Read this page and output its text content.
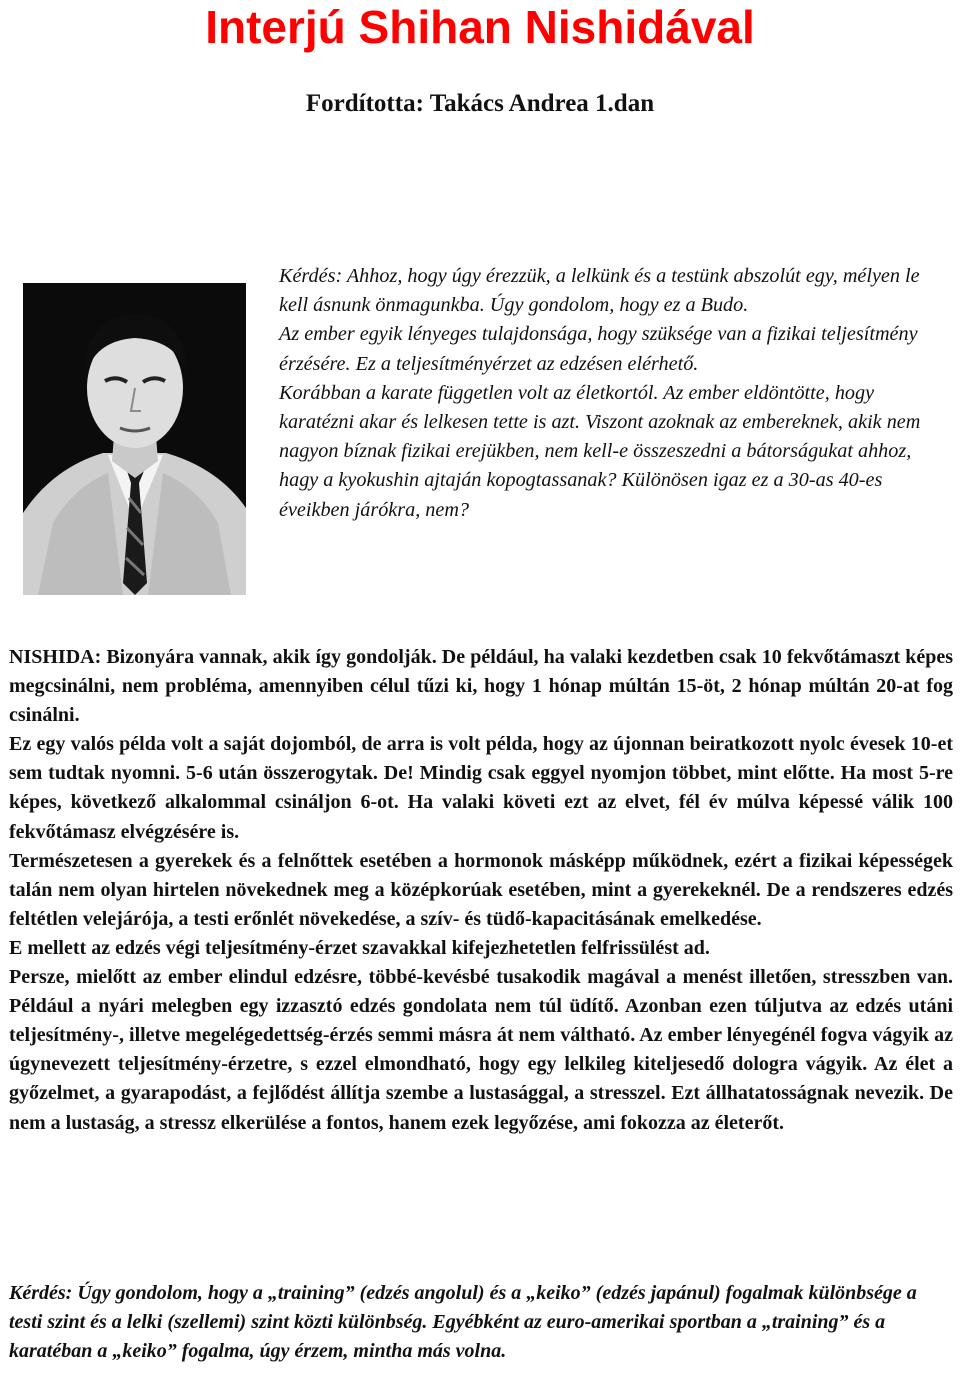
Interjú Shihan Nishidával

Fordította: Takács Andrea 1.dan

Kérdés: Ahhoz, hogy úgy érezzük, a lelkünk és a testünk abszolút egy, mélyen le kell ásnunk önmagunkba. Úgy gondolom, hogy ez a Budo.

Az ember egyik lényeges tulajdonsága, hogy szüksége van a fizikai teljesítmény érzésére. Ez a teljesítményérzet az edzésen elérhető.

Korábban a karate független volt az életkortól. Az ember eldöntötte, hogy karatézni akar és lelkesen tette is azt. Viszont azoknak az embereknek, akik nem nagyon bíznak fizikai erejükben, nem kell-e összeszedni a bátorságukat ahhoz, hagy a kyokushin ajtaján kopogtassanak? Különösen igaz ez a 30-as 40-es éveikben járókra, nem?

NISHIDA: Bizonyára vannak, akik így gondolják. De például, ha valaki kezdetben csak 10 fekvőtámaszt képes megcsinálni, nem probléma, amennyiben célul tűzi ki, hogy 1 hónap múltán 15-öt, 2 hónap múltán 20-at fog csinálni.

Ez egy valós példa volt a saját dojomból, de arra is volt példa, hogy az újonnan beiratkozott nyolc évesek 10-et sem tudtak nyomni. 5-6 után összerogytak. De! Mindig csak eggyel nyomjon többet, mint előtte. Ha most 5-re képes, következő alkalommal csináljon 6-ot. Ha valaki követi ezt az elvet, fél év múlva képessé válik 100 fekvőtámasz elvégzésére is.

Természetesen a gyerekek és a felnőttek esetében a hormonok másképp működnek, ezért a fizikai képességek talán nem olyan hirtelen növekednek meg a középkorúak esetében, mint a gyerekeknél. De a rendszeres edzés feltétlen velejárója, a testi erőnlét növekedése, a szív- és tüdő-kapacitásának emelkedése.

E mellett az edzés végi teljesítmény-érzet szavakkal kifejezhetetlen felfrissülést ad.

Persze, mielőtt az ember elindul edzésre, többé-kevésbé tusakodik magával a menést illetően, stresszben van. Például a nyári melegben egy izzasztó edzés gondolata nem túl üdítő. Azonban ezen túljutva az edzés utáni teljesítmény-, illetve megelégedettség-érzés semmi másra át nem váltható. Az ember lényegénél fogva vágyik az úgynevezett teljesítmény-érzetre, s ezzel elmondható, hogy egy lelkileg kiteljesedő dologra vágyik. Az élet a győzelmet, a gyarapodást, a fejlődést állítja szembe a lustasággal, a stresszel. Ezt állhatatosságnak nevezik. De nem a lustaság, a stressz elkerülése a fontos, hanem ezek legyőzése, ami fokozza az életerőt.

Kérdés: Úgy gondolom, hogy a „training” (edzés angolul) és a „keiko” (edzés japánul) fogalmak különbsége a testi szint és a lelki (szellemi) szint közti különbség. Egyébként az euro-amerikai sportban a „training” és a karatéban a „keiko” fogalma, úgy érzem, mintha más volna.
